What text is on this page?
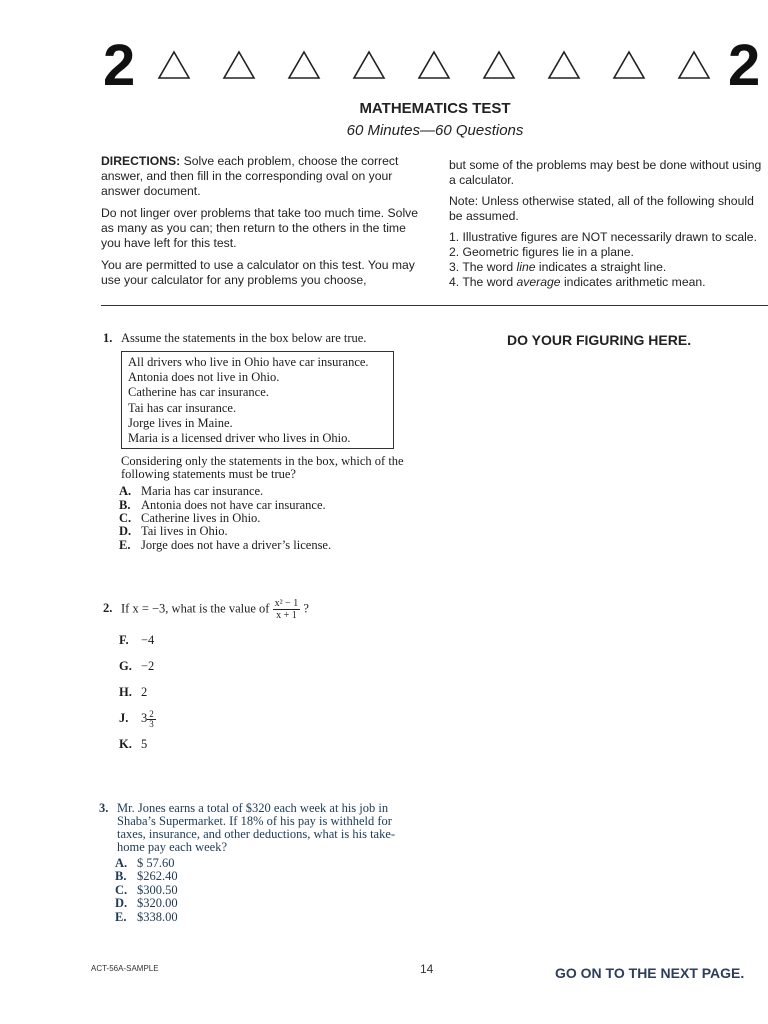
2	2
MATHEMATICS TEST
60 Minutes—60 Questions

DIRECTIONS: Solve each problem, choose the correct answer, and then fill in the corresponding oval on your answer document.

Do not linger over problems that take too much time. Solve as many as you can; then return to the others in the time you have left for this test.

You are permitted to use a calculator on this test. You may use your calculator for any problems you choose,

but some of the problems may best be done without using a calculator.

Note: Unless otherwise stated, all of the following should be assumed.

1. Illustrative figures are NOT necessarily drawn to scale.
2. Geometric figures lie in a plane.
3. The word line indicates a straight line.
4. The word average indicates arithmetic mean.
DO YOUR FIGURING HERE.
1. Assume the statements in the box below are true.
All drivers who live in Ohio have car insurance.
Antonia does not live in Ohio.
Catherine has car insurance.
Tai has car insurance.
Jorge lives in Maine.
Maria is a licensed driver who lives in Ohio.
Considering only the statements in the box, which of the following statements must be true?
A. Maria has car insurance.
B. Antonia does not have car insurance.
C. Catherine lives in Ohio.
D. Tai lives in Ohio.
E. Jorge does not have a driver’s license.
2. If x = −3, what is the value of $\frac{\text{x² − 1}}{x + 1}$ ?
F. −4
G. −2
H. 2
J. $3 \frac{2}{3}$
K. 5
3. Mr. Jones earns a total of $320 each week at his job in Shaba’s Supermarket. If 18% of his pay is withheld for taxes, insurance, and other deductions, what is his take-home pay each week?
A. $ 57.60
B. $262.40
C. $300.50
D. $320.00
E. $338.00
ACT-56A-SAMPLE	14	GO ON TO THE NEXT PAGE.
